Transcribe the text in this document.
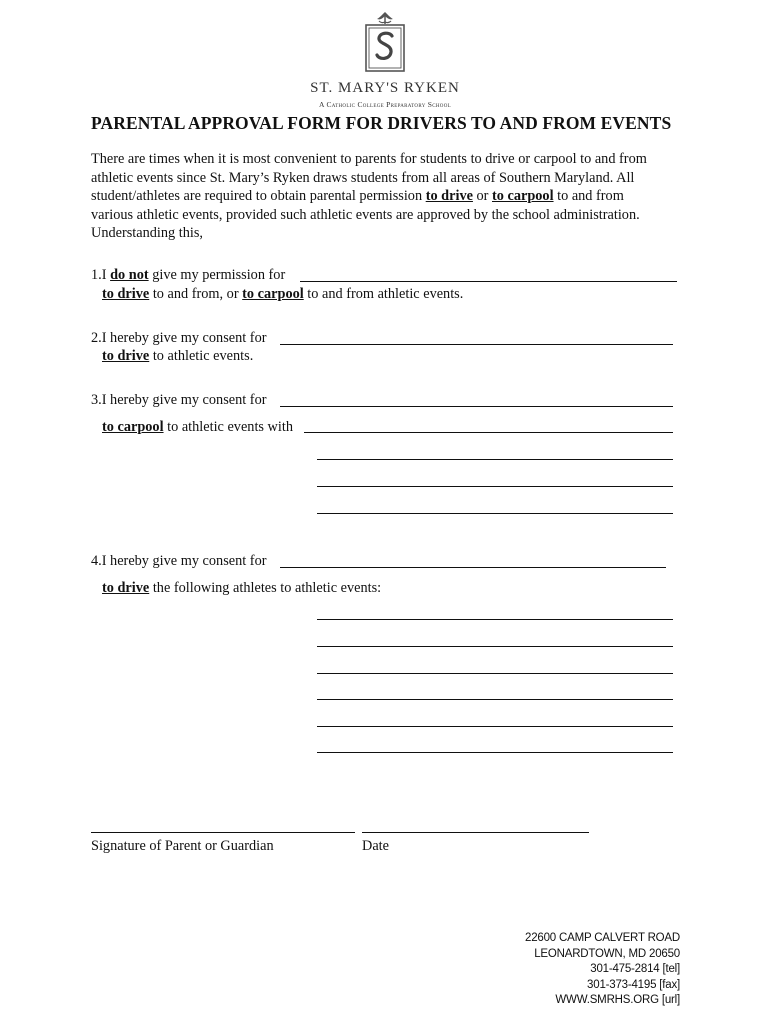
ST. MARY'S RYKEN
A Catholic College Preparatory School
PARENTAL APPROVAL FORM FOR DRIVERS TO AND FROM EVENTS
There are times when it is most convenient to parents for students to drive or carpool to and from
athletic events since St. Mary’s Ryken draws students from all areas of Southern Maryland. All
student/athletes are required to obtain parental permission to drive or to carpool to and from
various athletic events, provided such athletic events are approved by the school administration.
Understanding this,
1.I do not give my permission for
to drive to and from, or to carpool to and from athletic events.
2.I hereby give my consent for
to drive to athletic events.
3.I hereby give my consent for
to carpool to athletic events with
4.I hereby give my consent for
to drive the following athletes to athletic events:
Signature of Parent or Guardian	Date
22600 CAMP CALVERT ROAD
LEONARDTOWN, MD 20650
301-475-2814 [tel]
301-373-4195 [fax]
WWW.SMRHS.ORG [url]
